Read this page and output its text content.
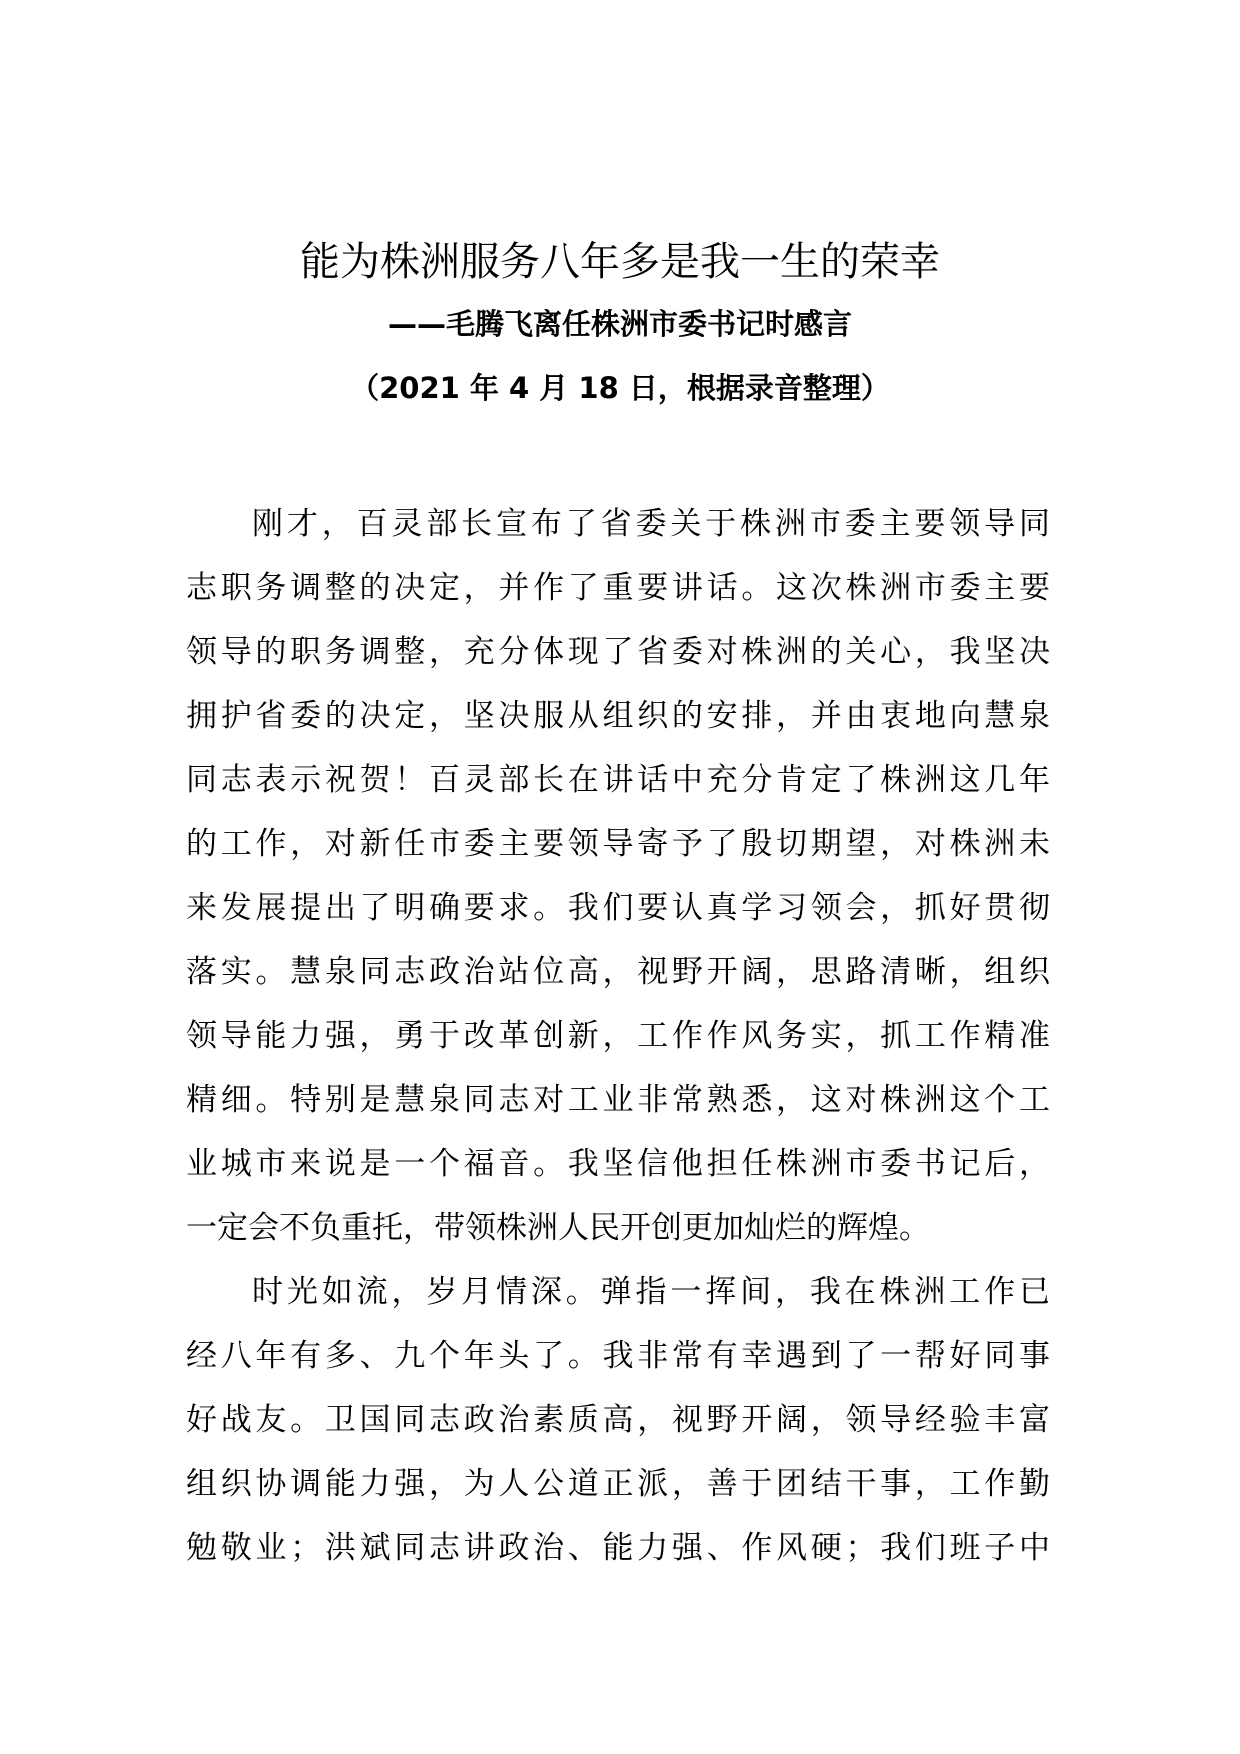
能为株洲服务八年多是我一生的荣幸
——毛腾飞离任株洲市委书记时感言
（2021 年 4 月 18 日，根据录音整理）
刚才，百灵部长宣布了省委关于株洲市委主要领导同
志职务调整的决定，并作了重要讲话。这次株洲市委主要
领导的职务调整，充分体现了省委对株洲的关心，我坚决
拥护省委的决定，坚决服从组织的安排，并由衷地向慧泉
同志表示祝贺！百灵部长在讲话中充分肯定了株洲这几年
的工作，对新任市委主要领导寄予了殷切期望，对株洲未
来发展提出了明确要求。我们要认真学习领会，抓好贯彻
落实。慧泉同志政治站位高，视野开阔，思路清晰，组织
领导能力强，勇于改革创新，工作作风务实，抓工作精准
精细。特别是慧泉同志对工业非常熟悉，这对株洲这个工
业城市来说是一个福音。我坚信他担任株洲市委书记后，
一定会不负重托，带领株洲人民开创更加灿烂的辉煌。
时光如流，岁月情深。弹指一挥间，我在株洲工作已
经八年有多、九个年头了。我非常有幸遇到了一帮好同事
好战友。卫国同志政治素质高，视野开阔，领导经验丰富
组织协调能力强，为人公道正派，善于团结干事，工作勤
勉敬业；洪斌同志讲政治、能力强、作风硬；我们班子中
